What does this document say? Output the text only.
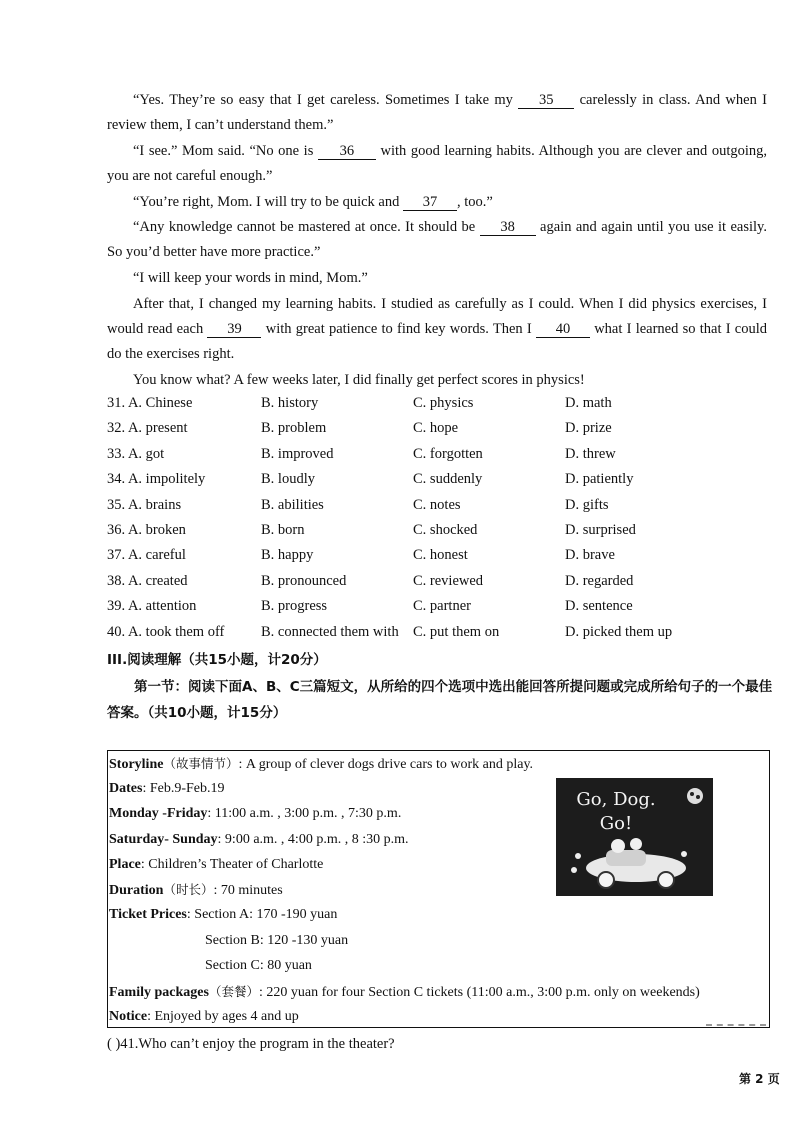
“Yes. They’re so easy that I get careless. Sometimes I take my 35 carelessly in class. And when I review them, I can’t understand them.”

“I see.” Mom said. “No one is 36 with good learning habits. Although you are clever and outgoing, you are not careful enough.”

“You’re right, Mom. I will try to be quick and 37 , too.”

“Any knowledge cannot be mastered at once. It should be 38 again and again until you use it easily. So you’d better have more practice.”

“I will keep your words in mind, Mom.”

After that, I changed my learning habits. I studied as carefully as I could. When I did physics exercises, I would read each 39 with great patience to find key words. Then I 40 what I learned so that I could do the exercises right.

You know what? A few weeks later, I did finally get perfect scores in physics!

31. A. Chinese	B. history	C. physics	D. math
32. A. present	B. problem	C. hope	D. prize
33. A. got	B. improved	C. forgotten	D. threw
34. A. impolitely	B. loudly	C. suddenly	D. patiently
35. A. brains	B. abilities	C. notes	D. gifts
36. A. broken	B. born	C. shocked	D. surprised
37. A. careful	B. happy	C. honest	D. brave
38. A. created	B. pronounced	C. reviewed	D. regarded
39. A. attention	B. progress	C. partner	D. sentence
40. A. took them off	B. connected them with C. put them on	D. picked them up

III.阅读理解（共15小题，计20分）

第一节：阅读下面A、B、C三篇短文，从所给的四个选项中选出能回答所提问题或完成所给句子的一个最佳答案。（共10小题，计15分）

Storyline（故事情节）: A group of clever dogs drive cars to work and play.
Dates: Feb.9-Feb.19
Monday -Friday: 11:00 a.m. , 3:00 p.m. , 7:30 p.m.
Saturday- Sunday: 9:00 a.m. , 4:00 p.m. , 8 :30 p.m.
Place: Children’s Theater of Charlotte
Duration（时长）: 70 minutes
Ticket Prices: Section A: 170 -190 yuan
Section B: 120 -130 yuan
Section C: 80 yuan
Family packages（套餐）: 220 yuan for four Section C tickets (11:00 a.m., 3:00 p.m. only on weekends)
Notice: Enjoyed by ages 4 and up
Go, Dog.
Go!
( )41.Who can’t enjoy the program in the theater?
第 2 页
